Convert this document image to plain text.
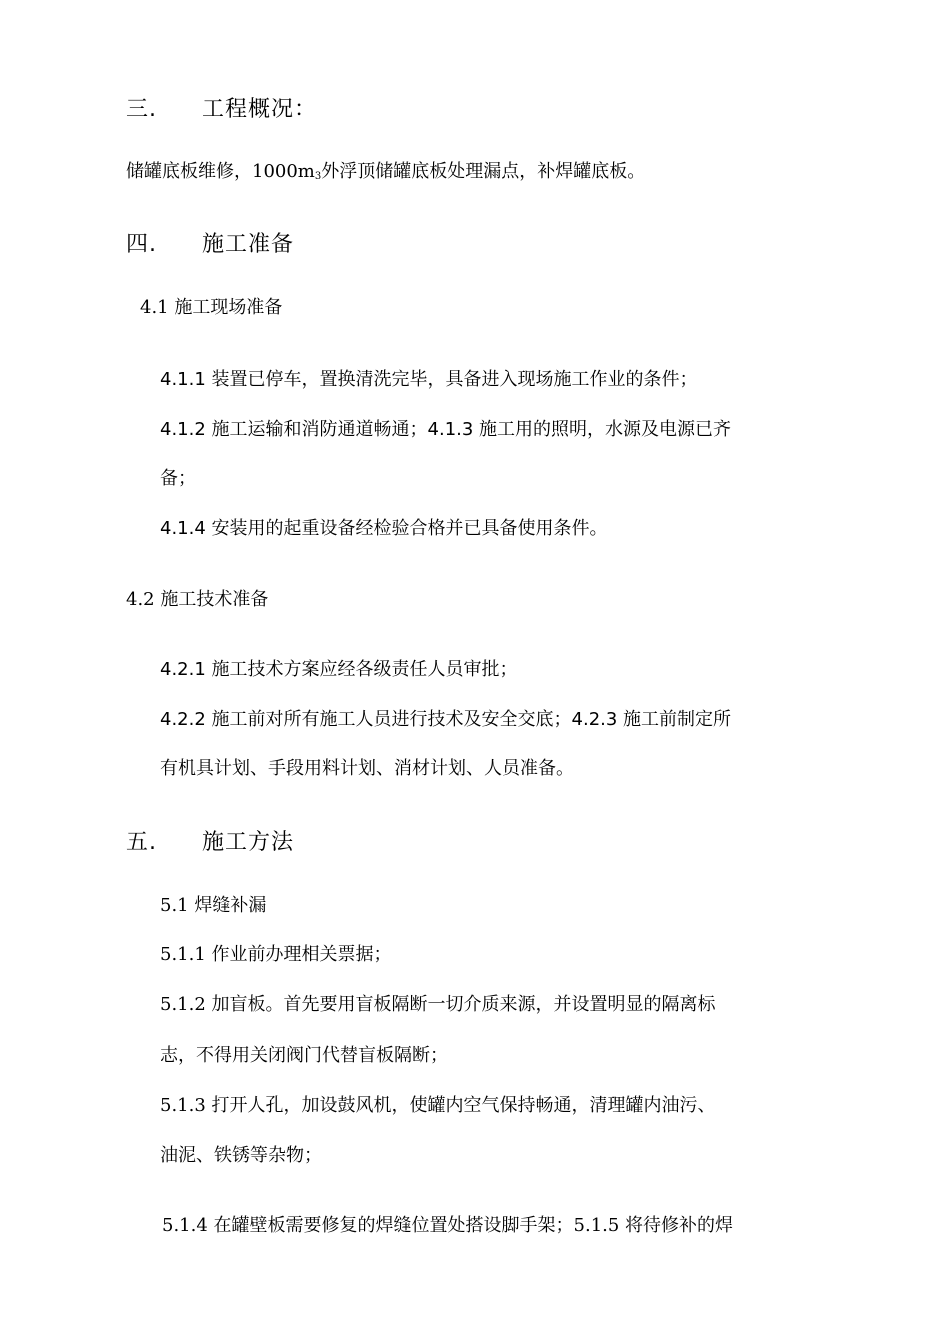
三. 工程概况：
储罐底板维修，1000m3外浮顶储罐底板处理漏点，补焊罐底板。
四. 施工准备
4.1 施工现场准备
4.1.1 装置已停车，置换清洗完毕，具备进入现场施工作业的条件；
4.1.2 施工运输和消防通道畅通；4.1.3 施工用的照明，水源及电源已齐
备；
4.1.4 安装用的起重设备经检验合格并已具备使用条件。
4.2 施工技术准备
4.2.1 施工技术方案应经各级责任人员审批；
4.2.2 施工前对所有施工人员进行技术及安全交底；4.2.3 施工前制定所
有机具计划、手段用料计划、消材计划、人员准备。
五. 施工方法
5.1 焊缝补漏
5.1.1 作业前办理相关票据；
5.1.2 加盲板。首先要用盲板隔断一切介质来源，并设置明显的隔离标
志，不得用关闭阀门代替盲板隔断；
5.1.3 打开人孔，加设鼓风机，使罐内空气保持畅通，清理罐内油污、
油泥、铁锈等杂物；
5.1.4 在罐壁板需要修复的焊缝位置处搭设脚手架；5.1.5 将待修补的焊
